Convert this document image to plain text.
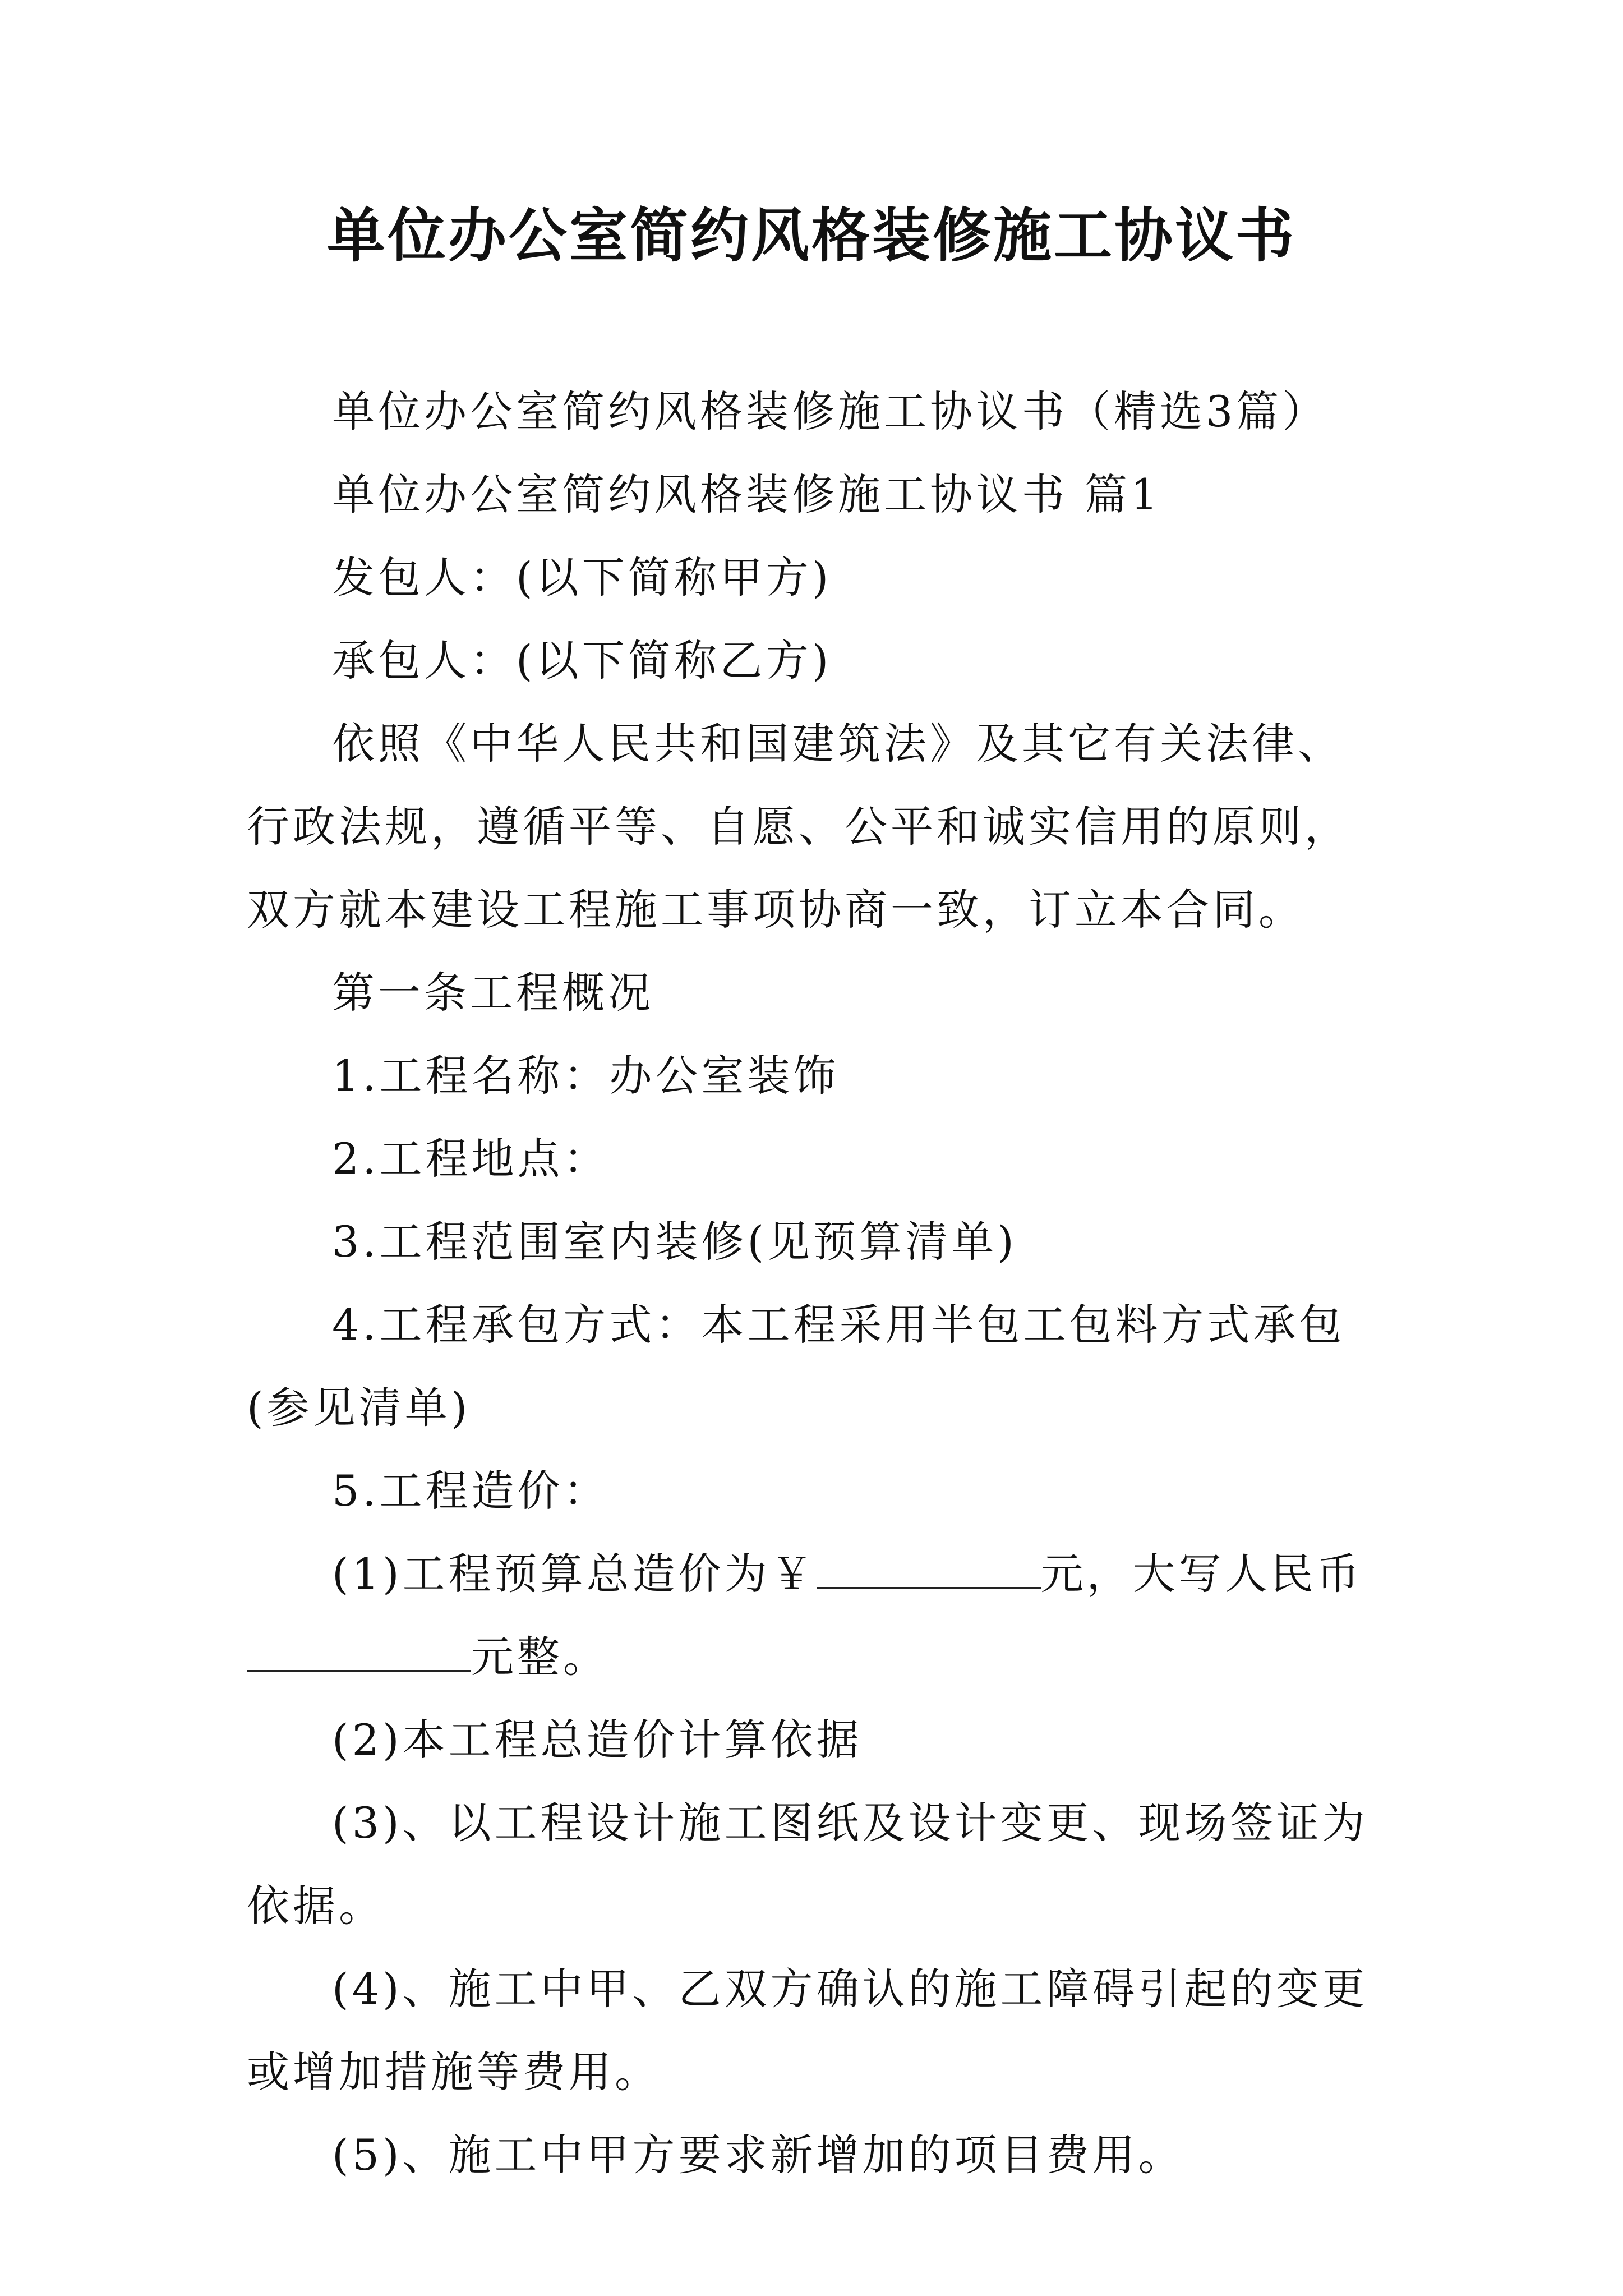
单位办公室简约风格装修施工协议书

单位办公室简约风格装修施工协议书（精选3篇）

单位办公室简约风格装修施工协议书 篇1

发包人：(以下简称甲方)

承包人：(以下简称乙方)

依照《中华人民共和国建筑法》及其它有关法律、行政法规，遵循平等、自愿、公平和诚实信用的原则，双方就本建设工程施工事项协商一致，订立本合同。

第一条工程概况

1.工程名称：办公室装饰

2.工程地点：

3.工程范围室内装修(见预算清单)

4.工程承包方式：本工程采用半包工包料方式承包(参见清单)

5.工程造价：

(1)工程预算总造价为￥	元，大写人民币元整。

(2)本工程总造价计算依据

(3)、以工程设计施工图纸及设计变更、现场签证为依据。

(4)、施工中甲、乙双方确认的施工障碍引起的变更或增加措施等费用。

(5)、施工中甲方要求新增加的项目费用。
